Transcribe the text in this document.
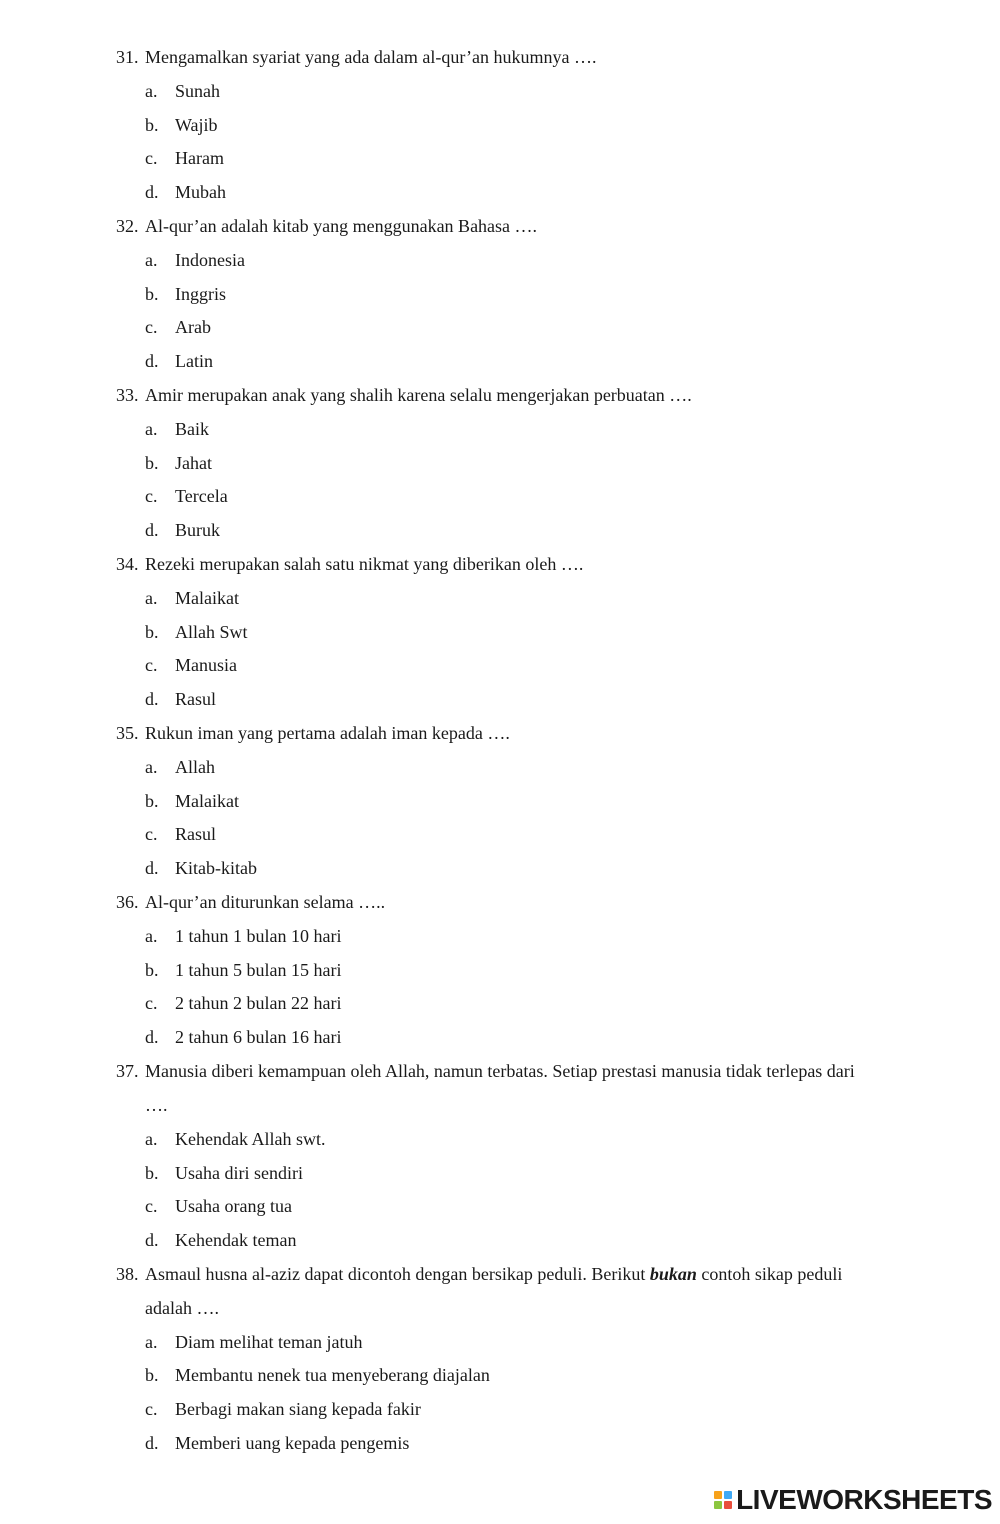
31. Mengamalkan syariat yang ada dalam al-qur’an hukumnya ….
a. Sunah
b. Wajib
c. Haram
d. Mubah
32. Al-qur’an adalah kitab yang menggunakan Bahasa ….
a. Indonesia
b. Inggris
c. Arab
d. Latin
33. Amir merupakan anak yang shalih karena selalu mengerjakan perbuatan ….
a. Baik
b. Jahat
c. Tercela
d. Buruk
34. Rezeki merupakan salah satu nikmat yang diberikan oleh ….
a. Malaikat
b. Allah Swt
c. Manusia
d. Rasul
35. Rukun iman yang pertama adalah iman kepada ….
a. Allah
b. Malaikat
c. Rasul
d. Kitab-kitab
36. Al-qur’an diturunkan selama …..
a. 1 tahun 1 bulan 10 hari
b. 1 tahun 5 bulan 15 hari
c. 2 tahun 2 bulan 22 hari
d. 2 tahun 6 bulan 16 hari
37. Manusia diberi kemampuan oleh Allah, namun terbatas. Setiap prestasi manusia tidak terlepas dari
….
a. Kehendak Allah swt.
b. Usaha diri sendiri
c. Usaha orang tua
d. Kehendak teman
38. Asmaul husna al-aziz dapat dicontoh dengan bersikap peduli. Berikut bukan contoh sikap peduli
adalah ….
a. Diam melihat teman jatuh
b. Membantu nenek tua menyeberang diajalan
c. Berbagi makan siang kepada fakir
d. Memberi uang kepada pengemis
LIVEWORKSHEETS
